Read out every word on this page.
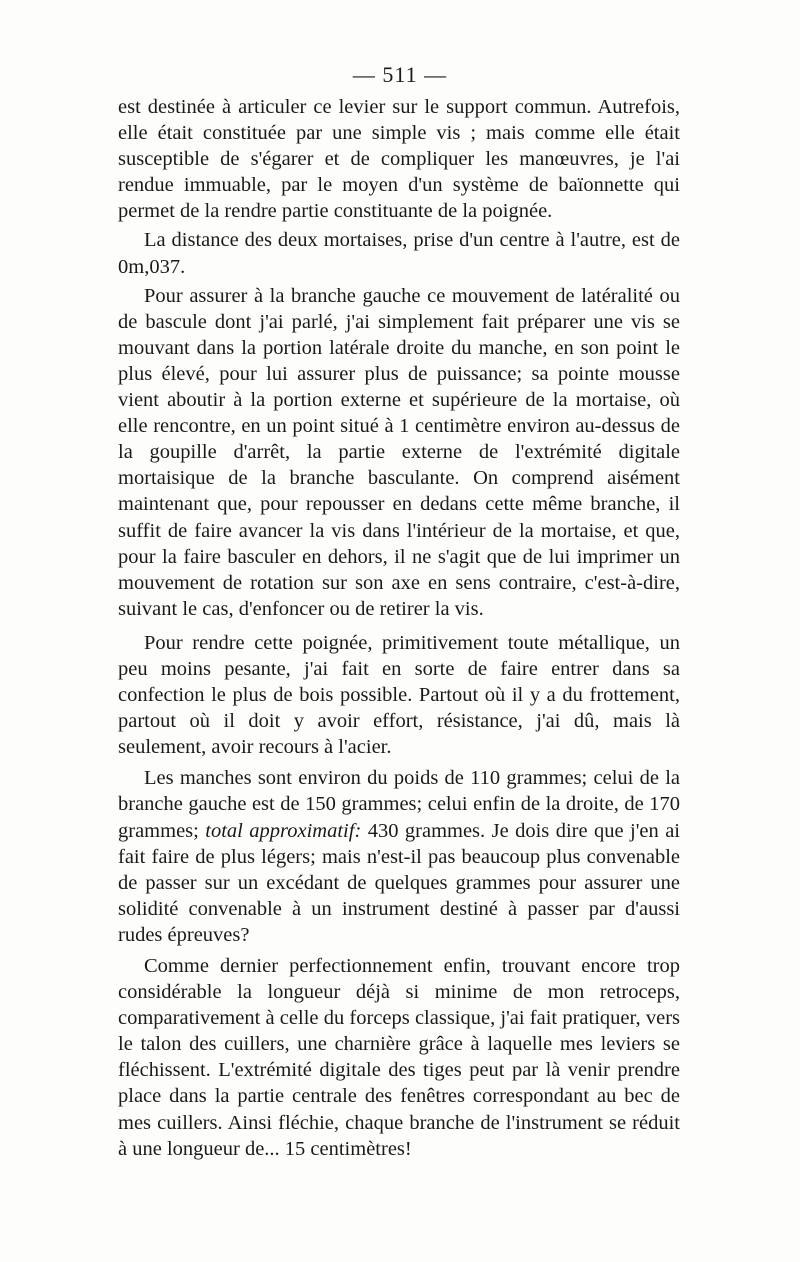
— 511 —

est destinée à articuler ce levier sur le support commun. Autrefois, elle était constituée par une simple vis ; mais comme elle était susceptible de s'égarer et de compliquer les manœuvres, je l'ai rendue immuable, par le moyen d'un système de baïonnette qui permet de la rendre partie constituante de la poignée.

La distance des deux mortaises, prise d'un centre à l'autre, est de 0m,037.

Pour assurer à la branche gauche ce mouvement de latéralité ou de bascule dont j'ai parlé, j'ai simplement fait préparer une vis se mouvant dans la portion latérale droite du manche, en son point le plus élevé, pour lui assurer plus de puissance; sa pointe mousse vient aboutir à la portion externe et supérieure de la mortaise, où elle rencontre, en un point situé à 1 centimètre environ au-dessus de la goupille d'arrêt, la partie externe de l'extrémité digitale mortaisique de la branche basculante. On comprend aisément maintenant que, pour repousser en dedans cette même branche, il suffit de faire avancer la vis dans l'intérieur de la mortaise, et que, pour la faire basculer en dehors, il ne s'agit que de lui imprimer un mouvement de rotation sur son axe en sens contraire, c'est-à-dire, suivant le cas, d'enfoncer ou de retirer la vis.

Pour rendre cette poignée, primitivement toute métallique, un peu moins pesante, j'ai fait en sorte de faire entrer dans sa confection le plus de bois possible. Partout où il y a du frottement, partout où il doit y avoir effort, résistance, j'ai dû, mais là seulement, avoir recours à l'acier.

Les manches sont environ du poids de 110 grammes; celui de la branche gauche est de 150 grammes; celui enfin de la droite, de 170 grammes; total approximatif: 430 grammes. Je dois dire que j'en ai fait faire de plus légers; mais n'est-il pas beaucoup plus convenable de passer sur un excédant de quelques grammes pour assurer une solidité convenable à un instrument destiné à passer par d'aussi rudes épreuves?

Comme dernier perfectionnement enfin, trouvant encore trop considérable la longueur déjà si minime de mon retroceps, comparativement à celle du forceps classique, j'ai fait pratiquer, vers le talon des cuillers, une charnière grâce à laquelle mes leviers se fléchissent. L'extrémité digitale des tiges peut par là venir prendre place dans la partie centrale des fenêtres correspondant au bec de mes cuillers. Ainsi fléchie, chaque branche de l'instrument se réduit à une longueur de... 15 centimètres!
